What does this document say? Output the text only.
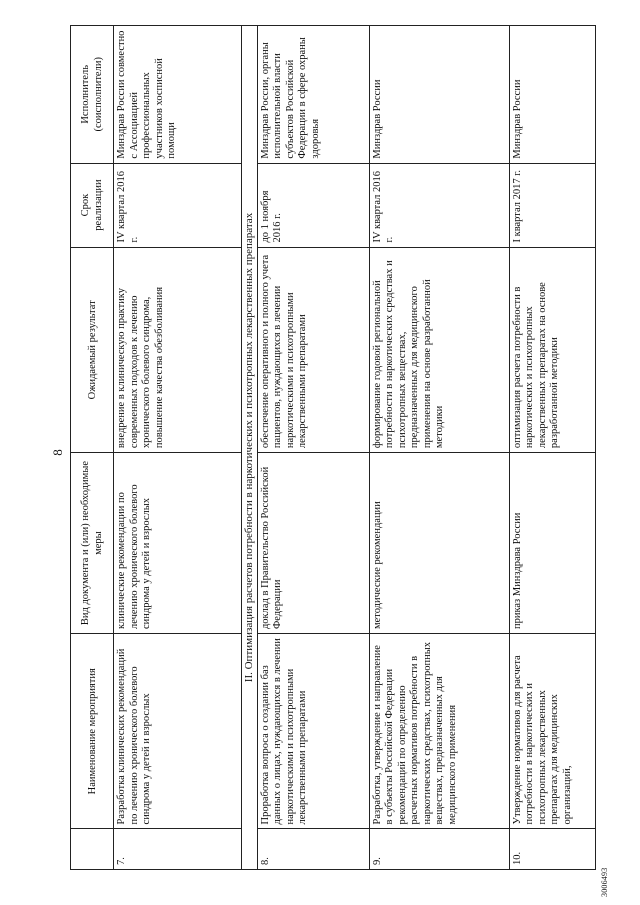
8
	Наименование мероприятия	Вид документа и (или) необходимые меры	Ожидаемый результат	Срок реализации	Исполнитель (соисполнители)
7.	Разработка клинических рекомендаций по лечению хронического болевого синдрома у детей и взрослых	клинические рекомендации по лечению хронического болевого синдрома у детей и взрослых	внедрение в клиническую практику современных подходов к лечению хронического болевого синдрома, повышение качества обезболивания	IV квартал 2016 г.	Минздрав России совместно с Ассоциацией профессиональных участников хосписной помощи
II. Оптимизация расчетов потребности в наркотических и психотропных лекарственных препаратах					
8.	Проработка вопроса о создании баз данных о лицах, нуждающихся в лечении наркотическими и психотропными лекарственными препаратами	доклад в Правительство Российской Федерации	обеспечение оперативного и полного учета пациентов, нуждающихся в лечении наркотическими и психотропными лекарственными препаратами	до 1 ноября 2016 г.	Минздрав России, органы исполнительной власти субъектов Российской Федерации в сфере охраны здоровья
9.	Разработка, утверждение и направление в субъекты Российской Федерации рекомендаций по определению расчетных нормативов потребности в наркотических средствах, психотропных веществах, предназначенных для медицинского применения	методические рекомендации	формирование годовой региональной потребности в наркотических средствах и психотропных веществах, предназначенных для медицинского применения на основе разработанной методики	IV квартал 2016 г.	Минздрав России
10.	Утверждение нормативов для расчета потребности в наркотических и психотропных лекарственных препаратах для медицинских организаций,	приказ Минздрава России	оптимизация расчета потребности в наркотических и психотропных лекарственных препаратах на основе разработанной методики	I квартал 2017 г.	Минздрав России
3006493
